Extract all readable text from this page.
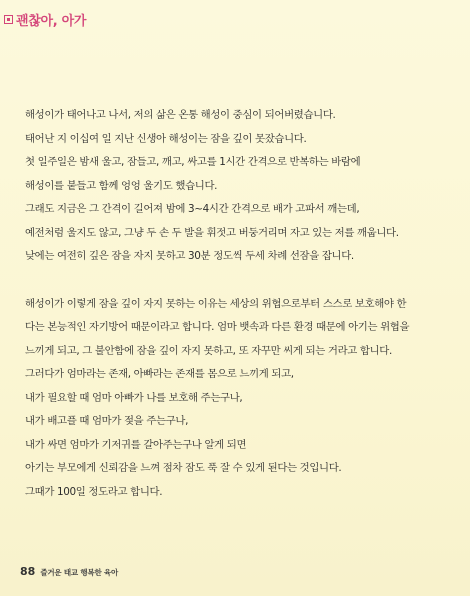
괜찮아, 아가
해성이가 태어나고 나서, 저의 삶은 온통 해성이 중심이 되어버렸습니다.
태어난 지 이십여 일 지난 신생아 해성이는 잠을 깊이 못잤습니다.
첫 일주일은 밤새 울고, 잠들고, 깨고, 싸고를 1시간 간격으로 반복하는 바람에
해성이를 붙들고 함께 엉엉 울기도 했습니다.
그래도 지금은 그 간격이 길어져 밤에 3~4시간 간격으로 배가 고파서 깨는데,
예전처럼 울지도 않고, 그냥 두 손 두 발을 휘젓고 버둥거리며 자고 있는 저를 깨웁니다.
낮에는 여전히 깊은 잠을 자지 못하고 30분 정도씩 두세 차례 선잠을 잡니다.
해성이가 이렇게 잠을 깊이 자지 못하는 이유는 세상의 위협으로부터 스스로 보호해야 한
다는 본능적인 자기방어 때문이라고 합니다. 엄마 뱃속과 다른 환경 때문에 아기는 위협을
느끼게 되고, 그 불안함에 잠을 깊이 자지 못하고, 또 자꾸만 씨게 되는 거라고 합니다.
그러다가 엄마라는 존재, 아빠라는 존재를 몸으로 느끼게 되고,
내가 필요할 때 엄마 아빠가 나를 보호해 주는구나,
내가 배고플 때 엄마가 젖을 주는구나,
내가 싸면 엄마가 기저귀를 갈아주는구나 알게 되면
아기는 부모에게 신뢰감을 느껴 점차 잠도 푹 잘 수 있게 된다는 것입니다.
그때가 100일 정도라고 합니다.
88 즐거운 태교 행복한 육아
